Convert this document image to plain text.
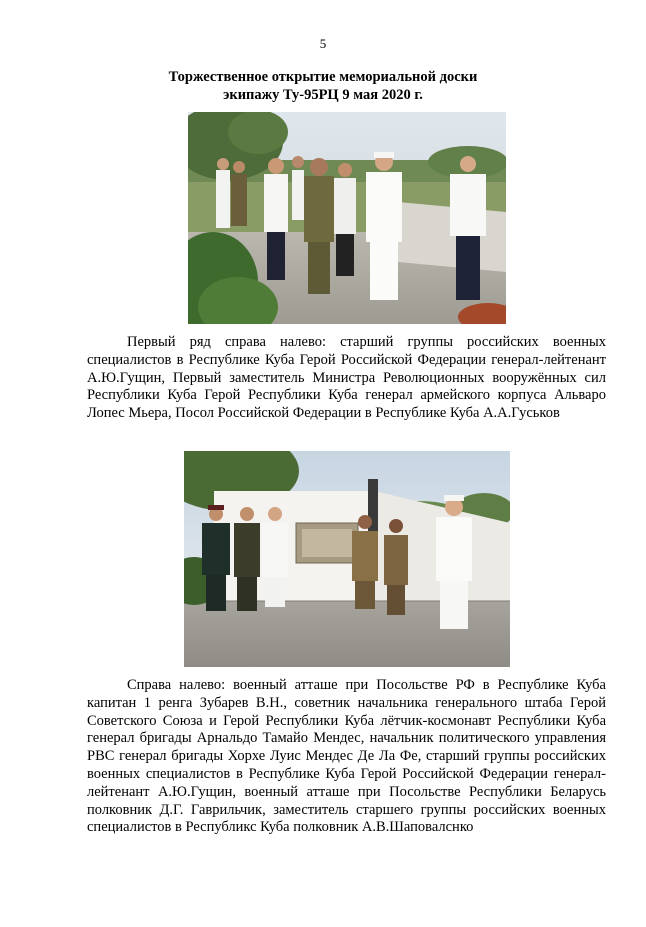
5
Торжественное открытие мемориальной доски
экипажу Ту-95РЦ 9 мая 2020 г.
Первый ряд справа налево: старший группы российских военных специалистов в Республике Куба Герой Российской Федерации генерал-лейтенант А.Ю.Гущин, Первый заместитель Министра Революционных вооружённых сил Республики Куба Герой Республики Куба генерал армейского корпуса Альваро Лопес Мьера, Посол Российской Федерации в Республике Куба А.А.Гуськов
Справа налево: военный атташе при Посольстве РФ в Республике Куба капитан 1 ренга Зубарев В.Н., советник начальника генерального штаба Герой Советского Союза и Герой Республики Куба лётчик-космонавт Республики Куба генерал бригады Арнальдо Тамайо Мендес, начальник политического управления РВС генерал бригады Хорхе Луис Мендес Де Ла Фе, старший группы российских военных специалистов в Республике Куба Герой Российской Федерации генерал-лейтенант А.Ю.Гущин, военный атташе при Посольстве Республики Беларусь полковник Д.Г. Гаврильчик, заместитель старшего группы российских военных специалистов в Республикс Куба полковник А.В.Шаповалснко
